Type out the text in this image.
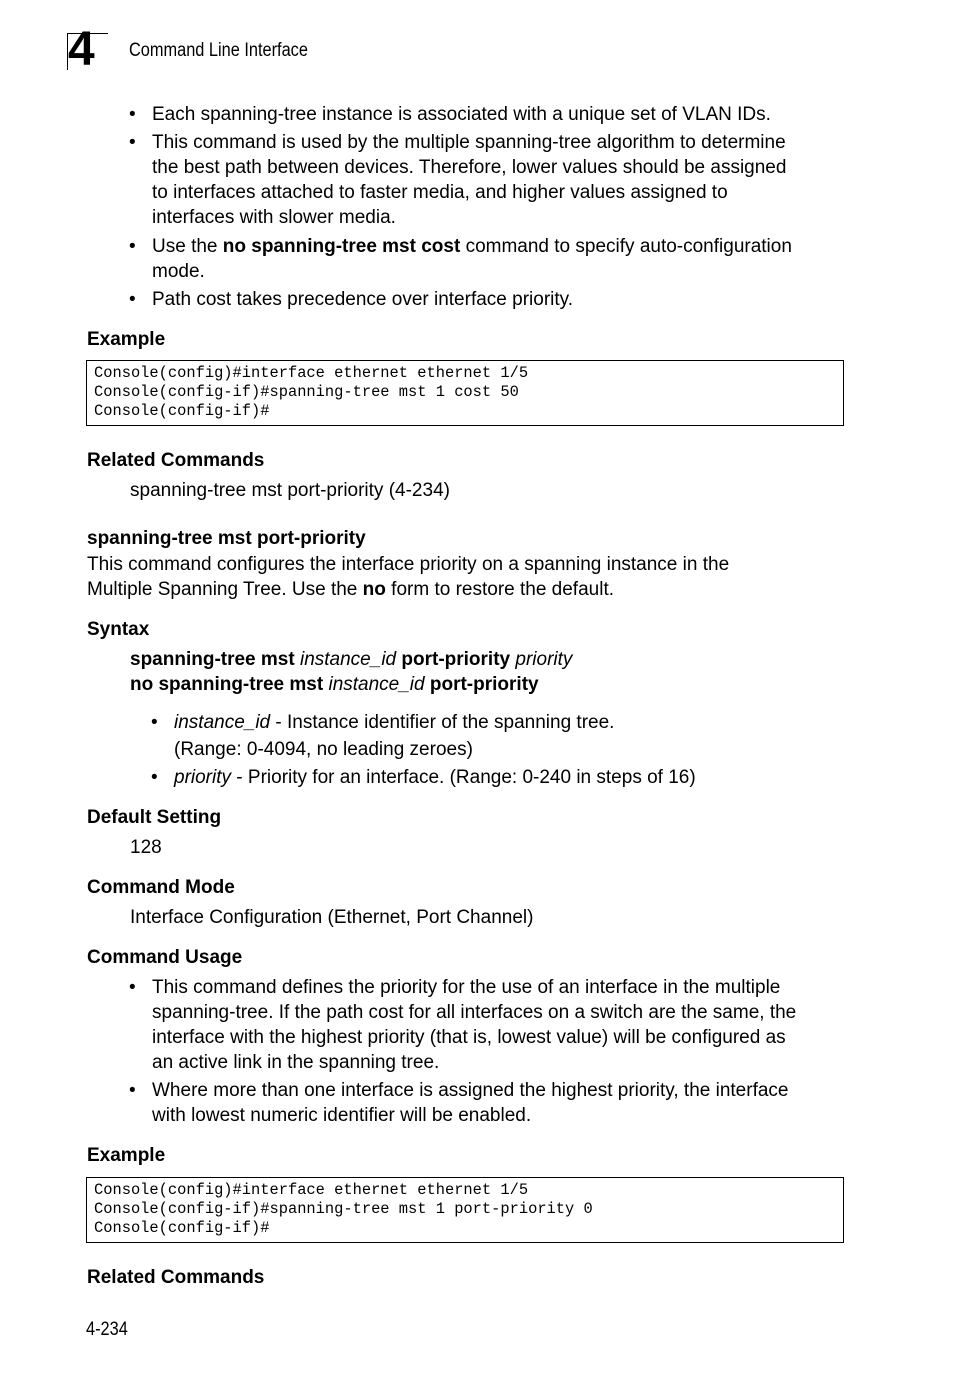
4 Command Line Interface
• Each spanning-tree instance is associated with a unique set of VLAN IDs.
• This command is used by the multiple spanning-tree algorithm to determine
the best path between devices. Therefore, lower values should be assigned
to interfaces attached to faster media, and higher values assigned to
interfaces with slower media.
• Use the no spanning-tree mst cost command to specify auto-configuration
mode.
• Path cost takes precedence over interface priority.
Example
Console(config)#interface ethernet ethernet 1/5
Console(config-if)#spanning-tree mst 1 cost 50
Console(config-if)#
Related Commands
spanning-tree mst port-priority (4-234)
spanning-tree mst port-priority
This command configures the interface priority on a spanning instance in the
Multiple Spanning Tree. Use the no form to restore the default.
Syntax
spanning-tree mst instance_id port-priority priority
no spanning-tree mst instance_id port-priority
• instance_id - Instance identifier of the spanning tree.
(Range: 0-4094, no leading zeroes)
• priority - Priority for an interface. (Range: 0-240 in steps of 16)
Default Setting
128
Command Mode
Interface Configuration (Ethernet, Port Channel)
Command Usage
• This command defines the priority for the use of an interface in the multiple
spanning-tree. If the path cost for all interfaces on a switch are the same, the
interface with the highest priority (that is, lowest value) will be configured as
an active link in the spanning tree.
• Where more than one interface is assigned the highest priority, the interface
with lowest numeric identifier will be enabled.
Example
Console(config)#interface ethernet ethernet 1/5
Console(config-if)#spanning-tree mst 1 port-priority 0
Console(config-if)#
Related Commands
4-234
